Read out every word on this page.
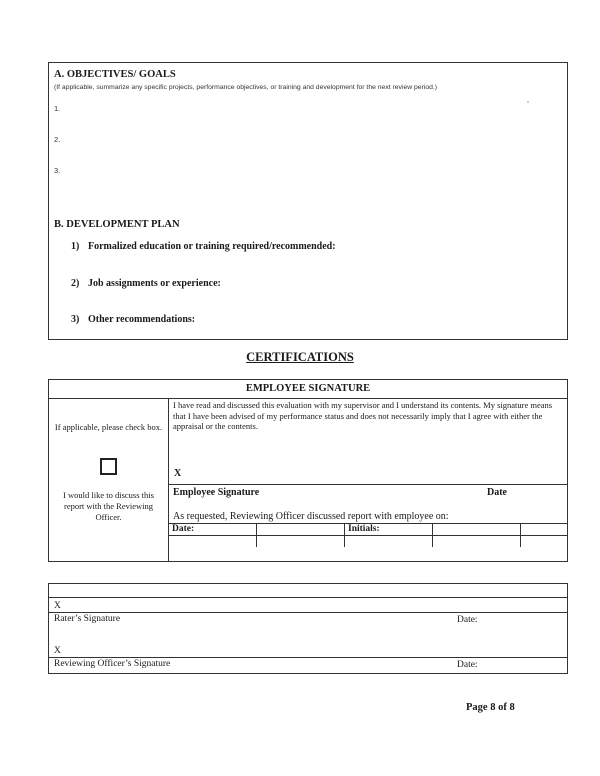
A. OBJECTIVES/ GOALS
(If applicable, summarize any specific projects, performance objectives, or training and development for the next review period.)
1.
2.
3.
B. DEVELOPMENT PLAN
1) Formalized education or training required/recommended:
2) Job assignments or experience:
3) Other recommendations:
CERTIFICATIONS
EMPLOYEE SIGNATURE
If applicable, please check box.
I would like to discuss this report with the Reviewing Officer.
I have read and discussed this evaluation with my supervisor and I understand its contents. My signature means that I have been advised of my performance status and does not necessarily imply that I agree with either the appraisal or the contents.
X
Employee Signature	Date
As requested, Reviewing Officer discussed report with employee on:
Date:		Initials:		

X
Rater’s Signature	Date:
X
Reviewing Officer’s Signature	Date:
Page 8 of 8
